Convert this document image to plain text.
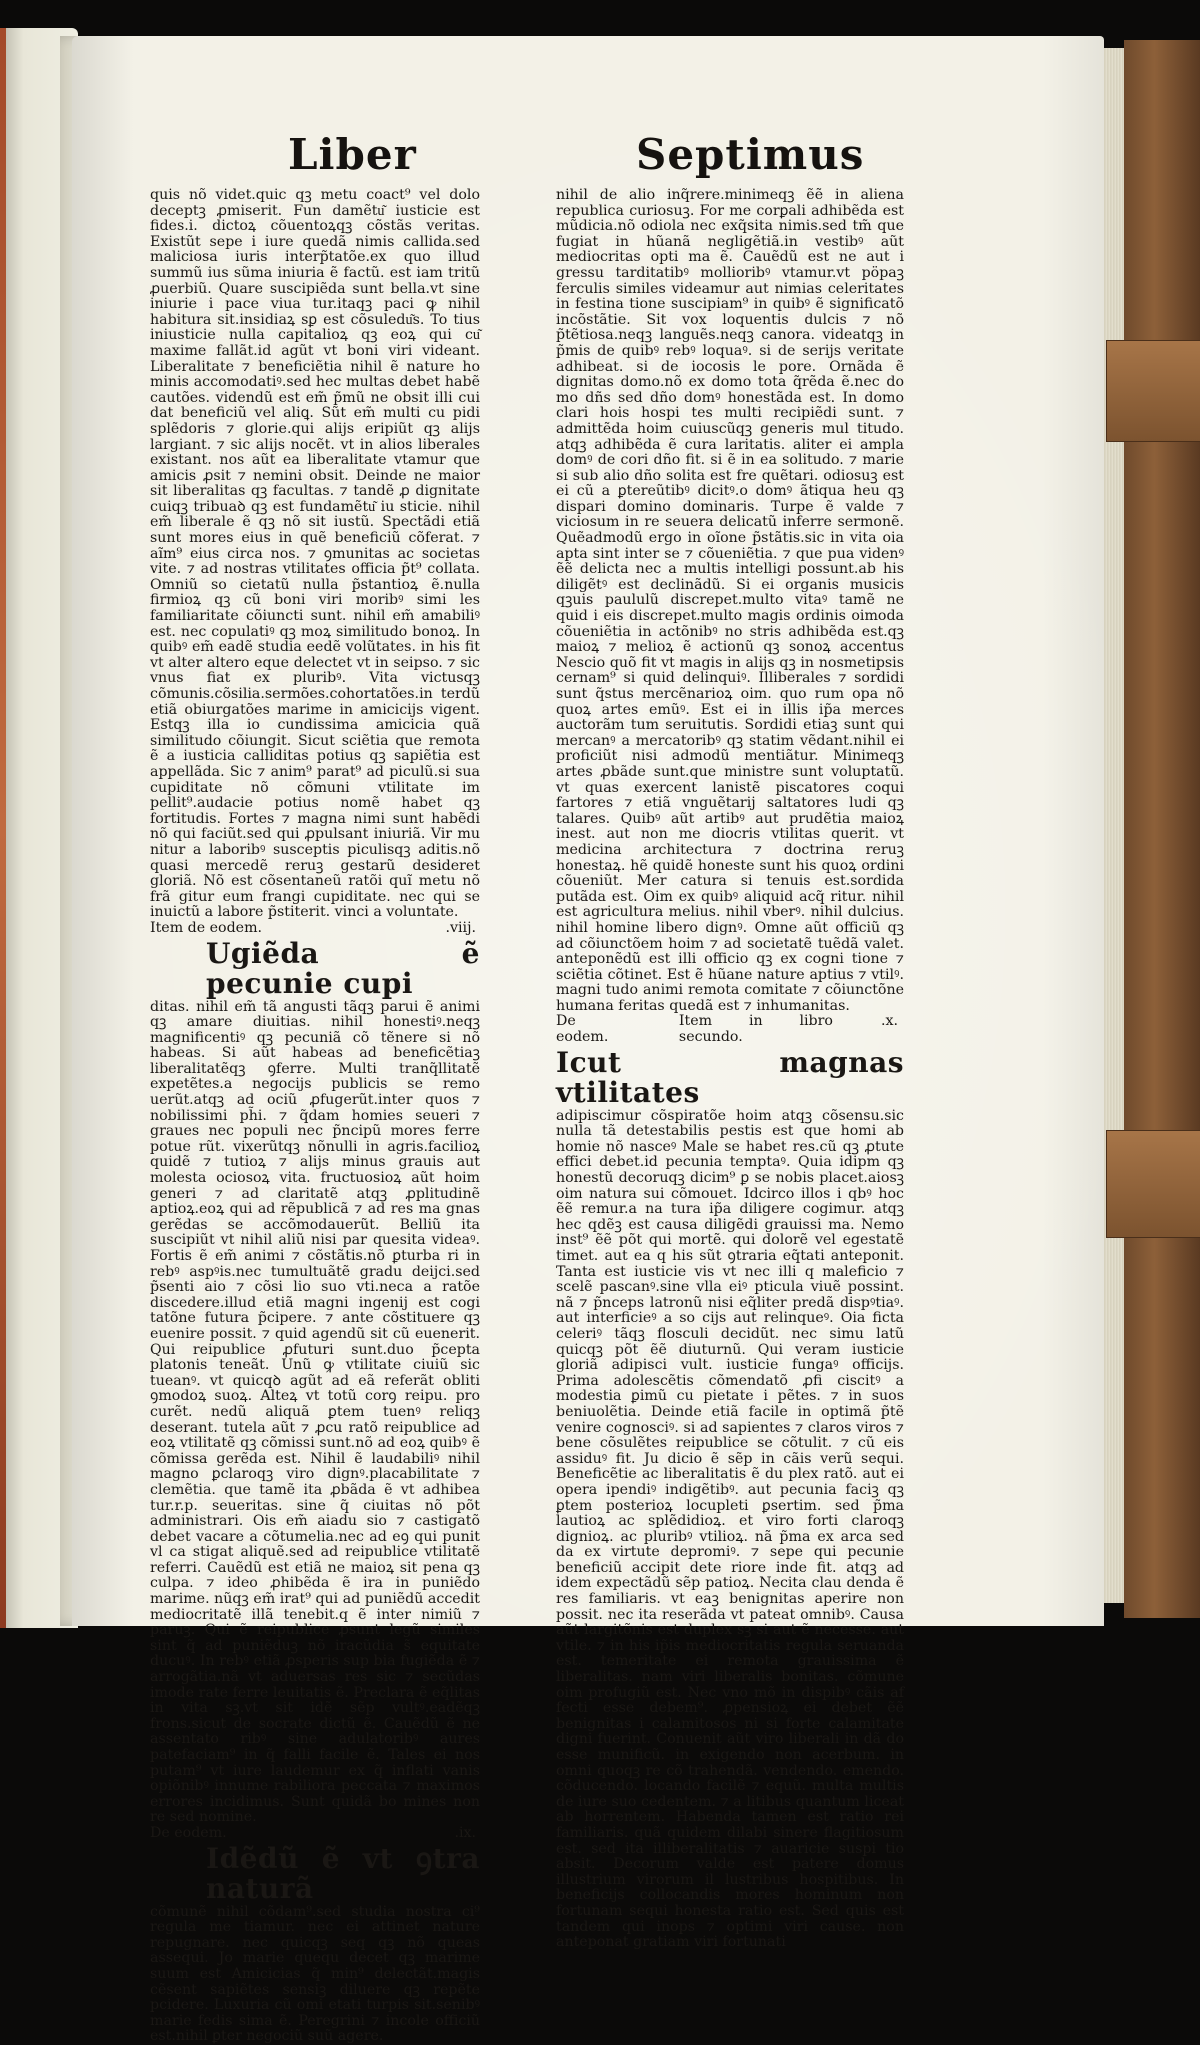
Liber	Septimus

quis nõ videt.quic qꝫ metu coact⁹ vel dolo deceptꝫ ꝓmiserit. Fun damẽtu͂ iusticie est fides.i. dictoꝝ cõuentoꝝqꝫ cõstãs veritas. Existũt sepe i iure quedã nimis callida.sed maliciosa iuris interp̃tatõe.ex quo illud summũ ius sũma iniuria ẽ factũ. est iam tritũ ꝓuerbiũ. Quare suscipiẽda sunt bella.vt sine iniurie i pace viua tur.itaqꝫ paci ꝙ nihil habitura sit.insidiaꝝ sꝑ est cõsuledu͂s. To tius iniusticie nulla capitalioꝝ qꝫ eoꝝ qui cu͂ maxime fallãt.id agũt vt boni viri videant. Liberalitate ⁊ beneficiẽtia nihil ẽ nature ho minis accomodatiꝰ.sed hec multas debet habẽ cautões. videndũ est em̃ p̃mũ ne obsit illi cui dat beneficiũ vel aliꝗ. Sũt em̃ multi cu pidi splẽdoris ⁊ glorie.qui alijs eripiũt qꝫ alijs largiant. ⁊ sic alijs nocẽt. vt in alios liberales existant. nos aũt ea liberalitate vtamur que amicis ꝓsit ⁊ nemini obsit. Deinde ne maior sit liberalitas qꝫ facultas. ⁊ tandẽ ꝓ dignitate cuiqꝫ tribuaꝺ qꝫ est fundamẽtu͂ iu sticie. nihil em̃ liberale ẽ qꝫ nõ sit iustũ. Spectãdi etiã sunt mores eius in quẽ beneficiũ cõferat. ⁊ aĩm⁹ eius circa nos. ⁊ ꝯmunitas ac societas vite. ⁊ ad nostras vtilitates officia p̃t⁹ collata. Omniũ so cietatũ nulla p̃stantioꝝ ẽ.nulla firmioꝝ qꝫ cũ boni viri moribꝰ simi les familiaritate cõiuncti sunt. nihil em̃ amabiliꝰ est. nec copulatiꝰ qꝫ moꝝ similitudo bonoꝝ. In quibꝰ em̃ eadẽ studia eedẽ volũtates. in his fit vt alter altero eque delectet vt in seipso. ⁊ sic vnus fiat ex pluribꝰ. Vita victusqꝫ cõmunis.cõsilia.sermões.cohortatões.in terdũ etiã obiurgatões marime in amicicijs vigent. Estqꝫ illa io cundissima amicicia quã similitudo cõiungit. Sicut sciẽtia que remota ẽ a iusticia calliditas potius qꝫ sapiẽtia est appellãda. Sic ⁊ anim⁹ parat⁹ ad piculũ.si sua cupiditate nõ cõmuni vtilitate im pellit⁹.audacie potius nomẽ habet qꝫ fortitudis. Fortes ⁊ magna nimi sunt habẽdi nõ qui faciũt.sed qui ꝓpulsant iniuriã. Vir mu nitur a laboribꝰ susceptis piculisqꝫ aditis.nõ quasi mercedẽ reruꝫ gestarũ desideret gloriã. Nõ est cõsentaneũ ratõi quĩ metu nõ frã gitur eum frangi cupiditate. nec qui se inuictũ a labore p̃stiterit. vinci a voluntate.

Item de eodem.	.viij.

Ugiẽda ẽ pecunie cupi

ditas. nihil em̃ tã angusti tãqꝫ parui ẽ animi qꝫ amare diuitias. nihil honestiꝰ.neqꝫ magnificentiꝰ qꝫ pecuniã cõ tẽnere si nõ habeas. Si aũt habeas ad beneficẽtiaꝫ liberalitatẽqꝫ ꝯferre. Multi tranq̃llitatẽ expetẽtes.a negocijs publicis se remo uerũt.atqꝫ ad ociũ ꝓfugerũt.inter quos ⁊ nobilissimi ph̃i. ⁊ q̃dam homies seueri ⁊ graues nec populi nec p̃ncipũ mores ferre potue rũt. vixerũtqꝫ nõnulli in agris.facilioꝝ quidẽ ⁊ tutioꝝ ⁊ alijs minus grauis aut molesta ociosoꝝ vita. fructuosioꝝ aũt hoim generi ⁊ ad claritatẽ atqꝫ ꝓplitudinẽ aptioꝝ.eoꝝ qui ad rẽpublicã ⁊ ad res ma gnas gerẽdas se accõmodauerũt. Belliũ ita suscipiũt vt nihil aliũ nisi par quesita videaꝰ. Fortis ẽ em̃ animi ⁊ cõstãtis.nõ ꝑturba ri in rebꝰ aspꝰis.nec tumultuãtẽ gradu deijci.sed p̃senti aio ⁊ cõsi lio suo vti.neca a ratõe discedere.illud etiã magni ingenij est cogi tatõne futura p̃cipere. ⁊ ante cõstituere qꝫ euenire possit. ⁊ quid agendũ sit cũ euenerit. Qui reipublice ꝓfuturi sunt.duo p̃cepta platonis teneãt. Unũ ꝙ vtilitate ciuiũ sic tueanꝰ. vt quicqꝺ agũt ad eã referãt obliti ꝯmodoꝝ suoꝝ. Alteꝝ vt totũ corꝯ reipu. pro curẽt. nedũ aliquã ꝑtem tuenꝰ reliqꝫ deserant. tutela aũt ⁊ ꝓcu ratõ reipublice ad eoꝝ vtilitatẽ qꝫ cõmissi sunt.nõ ad eoꝝ quibꝰ ẽ cõmissa gerẽda est. Nihil ẽ laudabiliꝰ nihil magno ꝑclaroqꝫ viro dignꝰ.placabilitate ⁊ clemẽtia. que tamẽ ita ꝓbãda ẽ vt adhibea tur.r.p. seueritas. sine q̃ ciuitas nõ põt administrari. Ois em̃ aiadu sio ⁊ castigatõ debet vacare a cõtumelia.nec ad eꝯ qui punit vl ca stigat aliquẽ.sed ad reipublice vtilitatẽ referri. Cauẽdũ est etiã ne maioꝝ sit pena qꝫ culpa. ⁊ ideo ꝓhibẽda ẽ ira in puniẽdo marime. nũqꝫ em̃ irat⁹ qui ad puniẽdũ accedit mediocritatẽ illã tenebit.q ẽ inter nimiũ ⁊ paruꝫ. Qui ẽ reipublice ꝓsunt legũ similes sint q̃ ad puniẽduꝫ nõ iracũdia s̃ equitate ducuꝰ. In rebꝰ etiã ꝓsperis sup bia fugiẽda ẽ ⁊ arrogãtia.nã vt aduersas res sic ⁊ secũdas imode rate ferre leuitatis ẽ. Preclara ẽ eq̃litas in vita sꝫ.vt sit idẽ sẽp vultꝰ.eadẽqꝫ frons.sicut de socrate dictũ ẽ. Cauẽdũ ẽ ne assentato ribꝰ sine adulatoribꝰ aures patefaciam⁹ in q̃ falli facile ẽ. Tales ei nos putam⁹ vt iure laudemur ex q̃ inflati vanis opiõnibꝰ innume rabiliora peccata ⁊ maximos errores incidimus. Sunt quidã bo mines non re sed nomine.

De eodem.	.ix.

Idẽdũ ẽ vt ꝯtra naturã

cõmunẽ nihil cõdam⁹.sed studia nostra ci⁹ regula me tiamur. nec ei attinet nature repugnare. nec quicqꝫ seq qꝫ nõ queas assequi. Jo marie quequ decet qꝫ marime suum est Amicicias q̃ min⁹ delectãt.magis cẽsent sapiẽtes sensiꝫ diluere qꝫ repẽte pcidere. Luxuria cũ omi etati turpis sit.senibꝰ marie fedis sima ẽ. Peregrini ⁊ incole officiũ est.nihil ꝑter negociũ suũ agere.

nihil de alio inq̃rere.minimeqꝫ ẽẽ in aliena republica curiosuꝫ. For me corꝑali adhibẽda est mũdicia.nõ odiola nec exq̃sita nimis.sed tm̃ que fugiat in hũanã negligẽtiã.in vestibꝰ aũt mediocritas opti ma ẽ. Cauẽdũ est ne aut i gressu tarditatibꝰ mollioribꝰ vtamur.vt pöpaꝫ ferculis similes videamur aut nimias celeritates in festina tione suscipiam⁹ in quibꝰ ẽ significatõ incõstãtie. Sit vox loquentis dulcis ⁊ nõ p̃tẽtiosa.neqꝫ languẽs.neqꝫ canora. videatqꝫ in p̃mis de quibꝰ rebꝰ loquaꝰ. si de serijs veritate adhibeat. si de iocosis le pore. Ornãda ẽ dignitas domo.nõ ex domo tota q̃rẽda ẽ.nec do mo dñs sed dño domꝰ honestãda est. In domo clari hois hospi tes multi recipiẽdi sunt. ⁊ admittẽda hoim cuiuscũqꝫ generis mul titudo. atqꝫ adhibẽda ẽ cura laritatis. aliter ei ampla domꝰ de cori dño fit. si ẽ in ea solitudo. ⁊ marie si sub alio dño solita est fre quẽtari. odiosuꝫ est ei cũ a ꝑtereũtibꝰ dicitꝰ.o domꝰ ãtiqua heu qꝫ dispari domino dominaris. Turpe ẽ valde ⁊ viciosum in re seuera delicatũ inferre sermonẽ. Quẽadmodũ ergo in oĩone p̃stãtis.sic in vita oia apta sint inter se ⁊ cõueniẽtia. ⁊ que pua videnꝰ ẽẽ delicta nec a multis intelligi possunt.ab his diligẽtꝰ est declinãdũ. Si ei organis musicis qꝫuis paululũ discrepet.multo vitaꝰ tamẽ ne quid i eis discrepet.multo magis ordinis oimoda cõueniẽtia in actõnibꝰ no stris adhibẽda est.qꝫ maioꝝ ⁊ melioꝝ ẽ actionũ qꝫ sonoꝝ accentus Nescio quõ fit vt magis in alijs qꝫ in nosmetipsis cernam⁹ si quid delinquiꝰ. Illiberales ⁊ sordidi sunt q̃stus mercẽnarioꝝ oim. quo rum opa nõ quoꝝ artes emũꝰ. Est ei in illis ip̃a merces auctorãm tum seruitutis. Sordidi etiaꝫ sunt qui mercanꝰ a mercatoribꝰ qꝫ statim vẽdant.nihil ei proficiũt nisi admodũ mentiãtur. Minimeqꝫ artes ꝓbãde sunt.que ministre sunt voluptatũ. vt quas exercent lanistẽ piscatores coqui fartores ⁊ etiã vnguẽtarij saltatores ludi qꝫ talares. Quibꝰ aũt artibꝰ aut prudẽtia maioꝝ inest. aut non me diocris vtilitas querit. vt medicina architectura ⁊ doctrina reruꝫ honestaꝝ. hẽ quidẽ honeste sunt his quoꝝ ordini cõueniũt. Mer catura si tenuis est.sordida putãda est. Oim ex quibꝰ aliquid acq̃ ritur. nihil est agricultura melius. nihil vberꝰ. nihil dulcius. nihil homine libero dignꝰ. Omne aũt officiũ qꝫ ad cõiunctõem hoim ⁊ ad societatẽ tuẽdã valet. anteponẽdũ est illi officio qꝫ ex cogni tione ⁊ sciẽtia cõtinet. Est ẽ hũane nature aptius ⁊ vtilꝰ. magni tudo animi remota comitate ⁊ cõiunctõne humana feritas quedã est ⁊ inhumanitas.

De eodem.
Item in libro secundo.
.x.

Icut magnas vtilitates

adipiscimur cõspiratõe hoim atqꝫ cõsensu.sic nulla tã detestabilis pestis est que homi ab homie nõ nasceꝰ Male se habet res.cũ qꝫ ꝓtute effici debet.id pecunia temptaꝰ. Quia idipm qꝫ honestũ decoruqꝫ dicim⁹ ꝑ se nobis placet.aiosꝫ oim natura sui cõmouet. Idcirco illos i qbꝰ hoc ẽẽ remur.a na tura ip̃a diligere cogimur. atqꝫ hec qdẽꝫ est causa diligẽdi grauissi ma. Nemo inst⁹ ẽẽ põt qui mortẽ. qui dolorẽ vel egestatẽ timet. aut ea q his sũt ꝯtraria eq̃tati anteponit. Tanta est iusticie vis vt nec illi q maleficio ⁊ scelẽ pascanꝰ.sine vlla eiꝰ pticula viuẽ possint. nã ⁊ p̃nceps latronũ nisi eq̃liter predã dispꝰtiaꝰ. aut interficieꝰ a so cijs aut relinqueꝰ. Oia ficta celeriꝰ tãqꝫ flosculi decidũt. nec simu latũ quicqꝫ põt ẽẽ diuturnũ. Qui veram iusticie gloriã adipisci vult. iusticie fungaꝰ officijs. Prima adolescẽtis cõmendatõ ꝓfi ciscitꝰ a modestia ꝑimũ cu pietate i pẽtes. ⁊ in suos beniuolẽtia. Deinde etiã facile in optimã p̃tẽ venire cognosciꝰ. si ad sapientes ⁊ claros viros ⁊ bene cõsulẽtes reipublice se cõtulit. ⁊ cũ eis assiduꝰ fit. Ju dicio ẽ sẽp in cãis verũ sequi. Beneficẽtie ac liberalitatis ẽ du plex ratõ. aut ei opera ipendiꝰ indigẽtibꝰ. aut pecunia faciꝫ qꝫ ꝑtem posterioꝝ locupleti ꝑsertim. sed p̃ma lautioꝝ ac splẽdidioꝝ. et viro forti claroqꝫ dignioꝝ. ac pluribꝰ vtilioꝝ. nã p̃ma ex arca sed da ex virtute depromiꝰ. ⁊ sepe qui pecunie beneficiũ accipit dete riore inde fit. atqꝫ ad idem expectãdũ sẽp patioꝝ. Necita clau denda ẽ res familiaris. vt eaꝫ benignitas aperire non possit. nec ita reserãda vt pateat omnibꝰ. Causa aũt largitõnis est duplex sꝫ si aut ẽ necesse. aut vtile. ⁊ in his ip̃is mediocritatis regula seruanda est. temeritate ei remota grauissima ẽ liberalitas. nam viri liberalis bonitas. cõmune oim profugiũ est. Nec vno mõ in dispibꝰ cãis af fecti esse debem⁹. ꝓpensioꝝ ei debet ẽẽ benignitas i calamitosos ni si forte calamitate digni fuerint. Conuenit aũt viro liberali in dã do esse munificũ. in exigendo non acerbum. in omni quoqꝫ re cõ trahendã. vendendo. emendo. cõducendo. locando facilẽ ⁊ equũ. multa multis de iure suo cedentem. ⁊ a litibus quantum liceat ab horrentem. Habenda tamen est ratio rei familiaris. quã quidem dilabi sinere flagitiosum est. sed ita illiberalitatis ⁊ auaricie suspi tio absit. Decorum valde est patere domus illustrium virorum il lustribus hospitibus. In beneficijs collocandis mores hominum non fortunam sequi honesta ratio est. Sed quis est tandem qui inops ⁊ optimi viri cause. non anteponat gratiam viri fortunati
